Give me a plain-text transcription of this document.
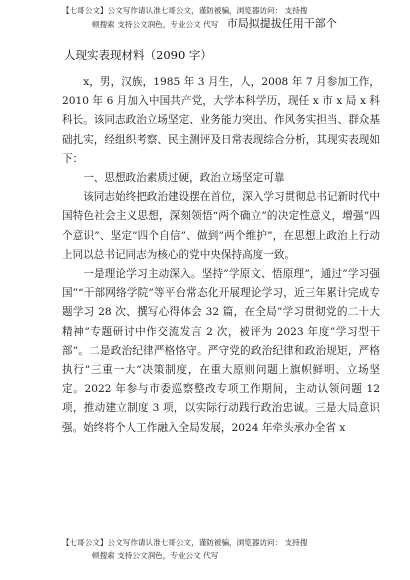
【七哥公文】公文写作请认准七哥公文，谨防被骗，浏览器访问： 支持搜
顿搜索 支持公文润色，专业公文 代写 市局拟提拔任用干部个
人现实表现材料（2090 字）

x，男，汉族，1985 年 3 月生，人，2008 年 7 月参加工作，2010 年 6 月加入中国共产党，大学本科学历，现任 x 市 x 局 x 科科长。该同志政治立场坚定、业务能力突出、作风务实担当、群众基础扎实，经组织考察、民主测评及日常表现综合分析，其现实表现如下：

一、思想政治素质过硬，政治立场坚定可靠

该同志始终把政治建设摆在首位，深入学习贯彻总书记新时代中国特色社会主义思想，深刻领悟“两个确立”的决定性意义，增强”四个意识”、坚定”四个自信”、做到”两个维护”，在思想上政治上行动上同以总书记同志为核心的党中央保持高度一致。

一是理论学习主动深入。坚持”学原文、悟原理”，通过”学习强国”“干部网络学院”等平台常态化开展理论学习，近三年累计完成专题学习 28 次、撰写心得体会 32 篇，在全局”学习贯彻党的二十大精神”专题研讨中作交流发言 2 次，被评为 2023 年度”学习型干部”。二是政治纪律严格恪守。严守党的政治纪律和政治规矩，严格执行”三重一大”决策制度，在重大原则问题上旗帜鲜明、立场坚定。2022 年参与市委巡察整改专项工作期间，主动认领问题 12 项，推动建立制度 3 项，以实际行动践行政治忠诚。三是大局意识强。始终将个人工作融入全局发展，2024 年牵头承办全省 x

【七哥公文】公文写作请认准七哥公文，谨防被骗，浏览器访问： 支持搜
顿搜索 支持公文润色，专业公文 代写
